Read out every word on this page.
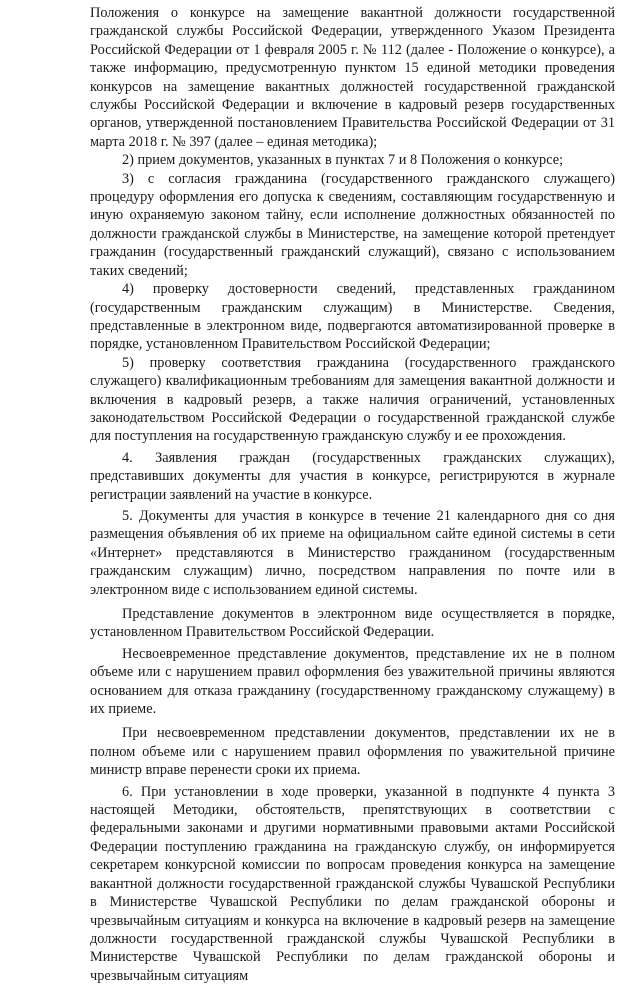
Положения о конкурсе на замещение вакантной должности государственной гражданской службы Российской Федерации, утвержденного Указом Президента Российской Федерации от 1 февраля 2005 г. № 112 (далее - Положение о конкурсе), а также информацию, предусмотренную пунктом 15 единой методики проведения конкурсов на замещение вакантных должностей государственной гражданской службы Российской Федерации и включение в кадровый резерв государственных органов, утвержденной постановлением Правительства Российской Федерации от 31 марта 2018 г. № 397 (далее – единая методика);

2) прием документов, указанных в пунктах 7 и 8 Положения о конкурсе;

3) с согласия гражданина (государственного гражданского служащего) процедуру оформления его допуска к сведениям, составляющим государственную и иную охраняемую законом тайну, если исполнение должностных обязанностей по должности гражданской службы в Министерстве, на замещение которой претендует гражданин (государственный гражданский служащий), связано с использованием таких сведений;

4) проверку достоверности сведений, представленных гражданином (государственным гражданским служащим) в Министерстве. Сведения, представленные в электронном виде, подвергаются автоматизированной проверке в порядке, установленном Правительством Российской Федерации;

5) проверку соответствия гражданина (государственного гражданского служащего) квалификационным требованиям для замещения вакантной должности и включения в кадровый резерв, а также наличия ограничений, установленных законодательством Российской Федерации о государственной гражданской службе для поступления на государственную гражданскую службу и ее прохождения.

4. Заявления граждан (государственных гражданских служащих), представивших документы для участия в конкурсе, регистрируются в журнале регистрации заявлений на участие в конкурсе.

5. Документы для участия в конкурсе в течение 21 календарного дня со дня размещения объявления об их приеме на официальном сайте единой системы в сети «Интернет» представляются в Министерство гражданином (государственным гражданским служащим) лично, посредством направления по почте или в электронном виде с использованием единой системы.

Представление документов в электронном виде осуществляется в порядке, установленном Правительством Российской Федерации.

Несвоевременное представление документов, представление их не в полном объеме или с нарушением правил оформления без уважительной причины являются основанием для отказа гражданину (государственному гражданскому служащему) в их приеме.

При несвоевременном представлении документов, представлении их не в полном объеме или с нарушением правил оформления по уважительной причине министр вправе перенести сроки их приема.

6. При установлении в ходе проверки, указанной в подпункте 4 пункта 3 настоящей Методики, обстоятельств, препятствующих в соответствии с федеральными законами и другими нормативными правовыми актами Российской Федерации поступлению гражданина на гражданскую службу, он информируется секретарем конкурсной комиссии по вопросам проведения конкурса на замещение вакантной должности государственной гражданской службы Чувашской Республики в Министерстве Чувашской Республики по делам гражданской обороны и чрезвычайным ситуациям и конкурса на включение в кадровый резерв на замещение должности государственной гражданской службы Чувашской Республики в Министерстве Чувашской Республики по делам гражданской обороны и чрезвычайным ситуациям
